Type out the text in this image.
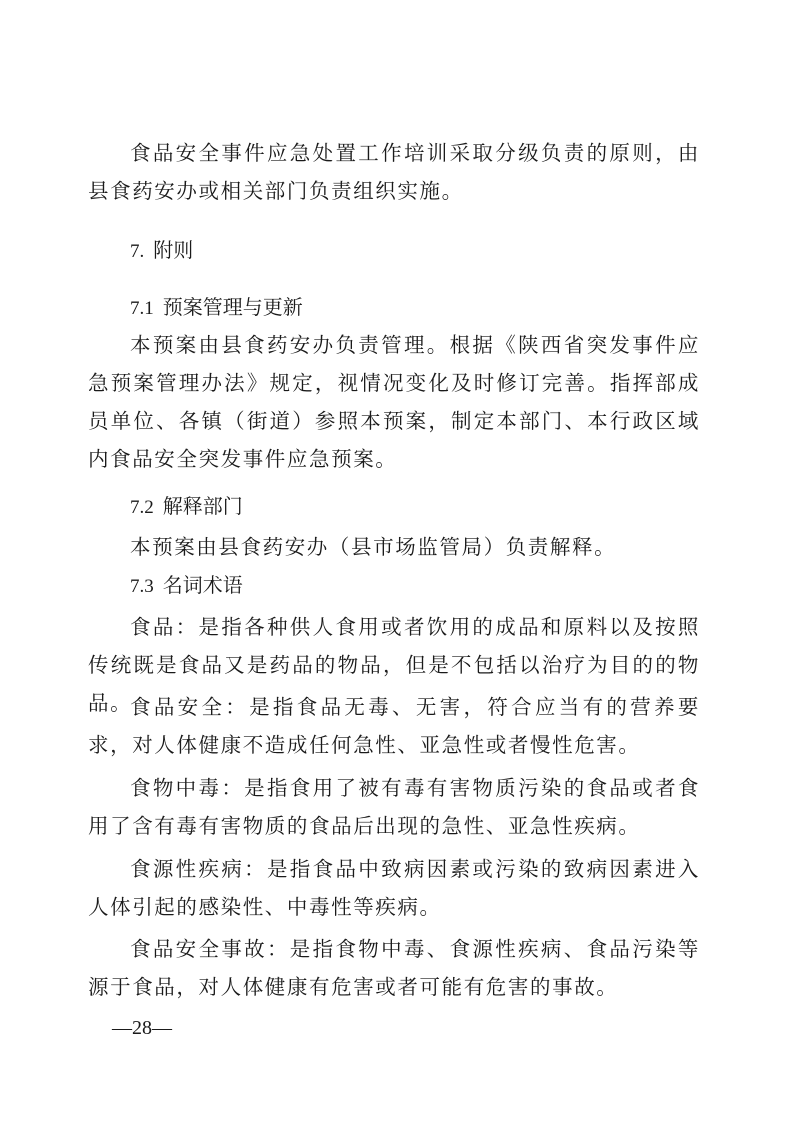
食品安全事件应急处置工作培训采取分级负责的原则，由县食药安办或相关部门负责组织实施。

7. 附则
7.1 预案管理与更新

本预案由县食药安办负责管理。根据《陕西省突发事件应急预案管理办法》规定，视情况变化及时修订完善。指挥部成员单位、各镇（街道）参照本预案，制定本部门、本行政区域内食品安全突发事件应急预案。

7.2 解释部门

本预案由县食药安办（县市场监管局）负责解释。

7.3 名词术语

食品：是指各种供人食用或者饮用的成品和原料以及按照传统既是食品又是药品的物品，但是不包括以治疗为目的的物品。

食品安全：是指食品无毒、无害，符合应当有的营养要求，对人体健康不造成任何急性、亚急性或者慢性危害。

食物中毒：是指食用了被有毒有害物质污染的食品或者食用了含有毒有害物质的食品后出现的急性、亚急性疾病。

食源性疾病：是指食品中致病因素或污染的致病因素进入人体引起的感染性、中毒性等疾病。

食品安全事故：是指食物中毒、食源性疾病、食品污染等源于食品，对人体健康有危害或者可能有危害的事故。

—28—
